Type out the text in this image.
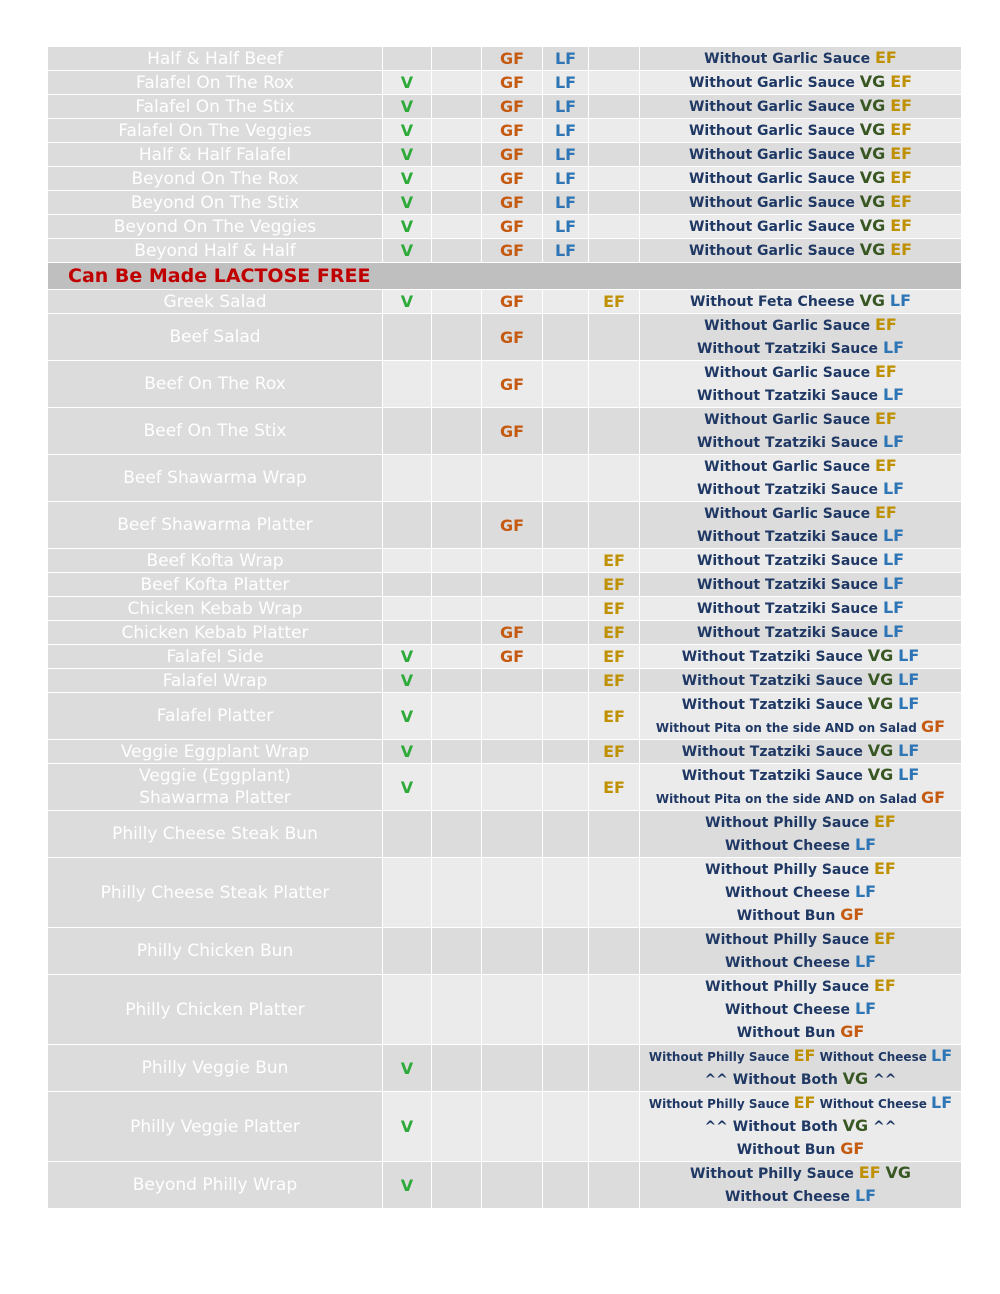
Half & Half Beef			GF	LF		Without Garlic Sauce EF

Falafel On The Rox	V		GF	LF		Without Garlic Sauce VG EF

Falafel On The Stix	V		GF	LF		Without Garlic Sauce VG EF

Falafel On The Veggies	V		GF	LF		Without Garlic Sauce VG EF

Half & Half Falafel	V		GF	LF		Without Garlic Sauce VG EF

Beyond On The Rox	V		GF	LF		Without Garlic Sauce VG EF

Beyond On The Stix	V		GF	LF		Without Garlic Sauce VG EF

Beyond On The Veggies	V		GF	LF		Without Garlic Sauce VG EF

Beyond Half & Half	V		GF	LF		Without Garlic Sauce VG EF

Can Be Made LACTOSE FREE						

Greek Salad	V		GF		EF	Without Feta Cheese VG LF

Beef Salad			GF			Without Garlic Sauce EF
Without Tzatziki Sauce LF

Beef On The Rox			GF			Without Garlic Sauce EF
Without Tzatziki Sauce LF

Beef On The Stix			GF			Without Garlic Sauce EF
Without Tzatziki Sauce LF

Beef Shawarma Wrap						Without Garlic Sauce EF
Without Tzatziki Sauce LF

Beef Shawarma Platter			GF			Without Garlic Sauce EF
Without Tzatziki Sauce LF

Beef Kofta Wrap					EF	Without Tzatziki Sauce LF

Beef Kofta Platter					EF	Without Tzatziki Sauce LF

Chicken Kebab Wrap					EF	Without Tzatziki Sauce LF

Chicken Kebab Platter			GF		EF	Without Tzatziki Sauce LF

Falafel Side	V		GF		EF	Without Tzatziki Sauce VG LF

Falafel Wrap	V				EF	Without Tzatziki Sauce VG LF

Falafel Platter	V				EF	Without Tzatziki Sauce VG LF
Without Pita on the side AND on Salad GF

Veggie Eggplant Wrap	V				EF	Without Tzatziki Sauce VG LF

Veggie (Eggplant)
Shawarma Platter	V				EF	Without Tzatziki Sauce VG LF
Without Pita on the side AND on Salad GF

Philly Cheese Steak Bun						Without Philly Sauce EF
Without Cheese LF

Philly Cheese Steak Platter						Without Philly Sauce EF
Without Cheese LF
Without Bun GF

Philly Chicken Bun						Without Philly Sauce EF
Without Cheese LF

Philly Chicken Platter						Without Philly Sauce EF
Without Cheese LF
Without Bun GF

Philly Veggie Bun	V					Without Philly Sauce EF Without Cheese LF
^^ Without Both VG ^^

Philly Veggie Platter	V					Without Philly Sauce EF Without Cheese LF
^^ Without Both VG ^^
Without Bun GF

Beyond Philly Wrap	V					Without Philly Sauce EF VG
Without Cheese LF
